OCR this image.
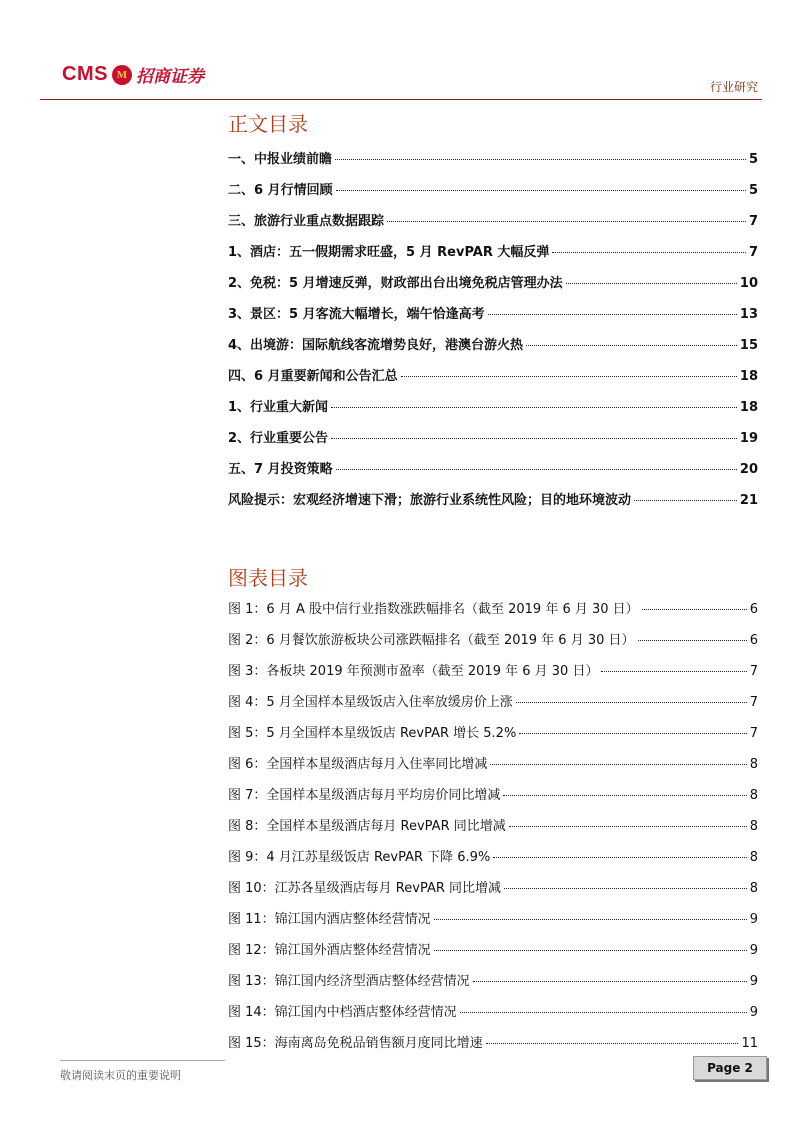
CMS M 招商证券	行业研究
正文目录
一、中报业绩前瞻	5
二、6 月行情回顾	5
三、旅游行业重点数据跟踪	7
1、酒店：五一假期需求旺盛，5 月 RevPAR 大幅反弹	7
2、免税：5 月增速反弹，财政部出台出境免税店管理办法	10
3、景区：5 月客流大幅增长，端午恰逢高考	13
4、出境游：国际航线客流增势良好，港澳台游火热	15
四、6 月重要新闻和公告汇总	18
1、行业重大新闻	18
2、行业重要公告	19
五、7 月投资策略	20
风险提示：宏观经济增速下滑；旅游行业系统性风险；目的地环境波动	21
图表目录
图 1：6 月 A 股中信行业指数涨跌幅排名（截至 2019 年 6 月 30 日）	6
图 2：6 月餐饮旅游板块公司涨跌幅排名（截至 2019 年 6 月 30 日）	6
图 3：各板块 2019 年预测市盈率（截至 2019 年 6 月 30 日）	7
图 4：5 月全国样本星级饭店入住率放缓房价上涨	7
图 5：5 月全国样本星级饭店 RevPAR 增长 5.2%	7
图 6：全国样本星级酒店每月入住率同比增减	8
图 7：全国样本星级酒店每月平均房价同比增减	8
图 8：全国样本星级酒店每月 RevPAR 同比增减	8
图 9：4 月江苏星级饭店 RevPAR 下降 6.9%	8
图 10：江苏各星级酒店每月 RevPAR 同比增减	8
图 11：锦江国内酒店整体经营情况	9
图 12：锦江国外酒店整体经营情况	9
图 13：锦江国内经济型酒店整体经营情况	9
图 14：锦江国内中档酒店整体经营情况	9
图 15：海南离岛免税品销售额月度同比增速	11
敬请阅读末页的重要说明
Page 2
